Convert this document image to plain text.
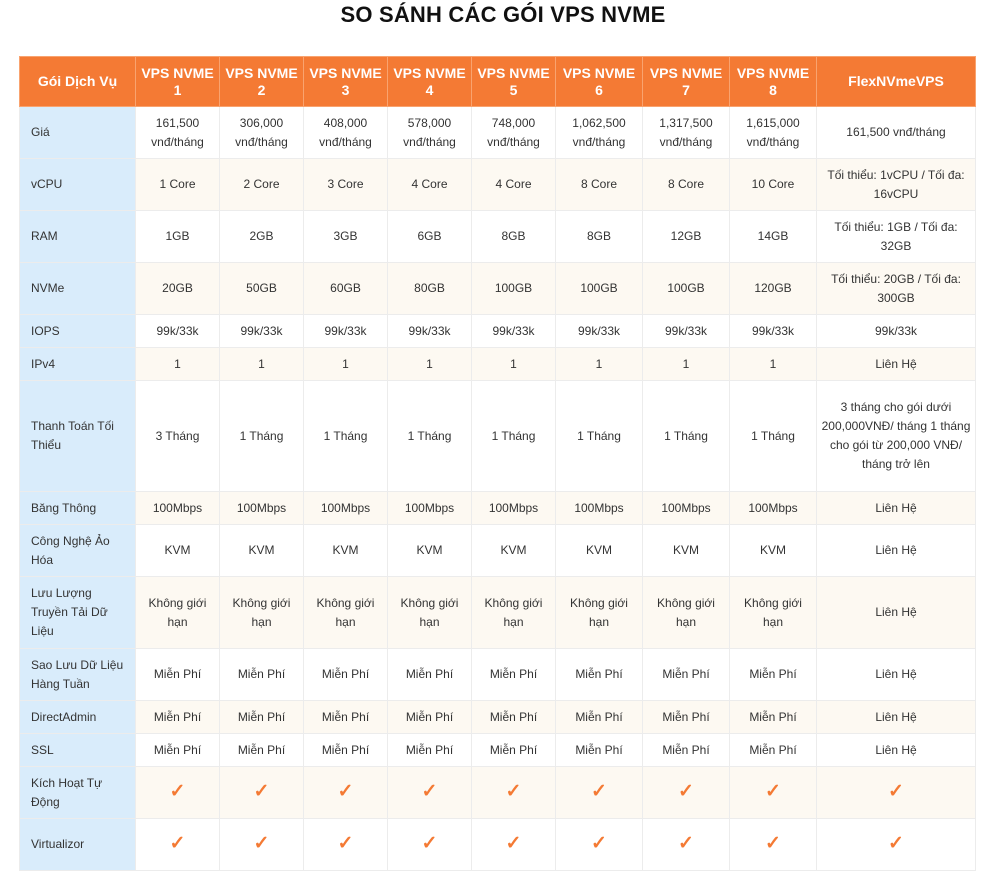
SO SÁNH CÁC GÓI VPS NVME
Gói Dịch Vụ	VPS NVME 1	VPS NVME 2	VPS NVME 3	VPS NVME 4	VPS NVME 5	VPS NVME 6	VPS NVME 7	VPS NVME 8	FlexNVmeVPS
Giá	161,500 vnđ/tháng	306,000 vnđ/tháng	408,000 vnđ/tháng	578,000 vnđ/tháng	748,000 vnđ/tháng	1,062,500 vnđ/tháng	1,317,500 vnđ/tháng	1,615,000 vnđ/tháng	161,500 vnđ/tháng
vCPU	1 Core	2 Core	3 Core	4 Core	4 Core	8 Core	8 Core	10 Core	Tối thiểu: 1vCPU / Tối đa: 16vCPU
RAM	1GB	2GB	3GB	6GB	8GB	8GB	12GB	14GB	Tối thiểu: 1GB / Tối đa: 32GB
NVMe	20GB	50GB	60GB	80GB	100GB	100GB	100GB	120GB	Tối thiểu: 20GB / Tối đa: 300GB
IOPS	99k/33k	99k/33k	99k/33k	99k/33k	99k/33k	99k/33k	99k/33k	99k/33k	99k/33k
IPv4	1	1	1	1	1	1	1	1	Liên Hệ
Thanh Toán Tối Thiểu	3 Tháng	1 Tháng	1 Tháng	1 Tháng	1 Tháng	1 Tháng	1 Tháng	1 Tháng	3 tháng cho gói dưới 200,000VNĐ/ tháng 1 tháng cho gói từ 200,000 VNĐ/ tháng trở lên
Băng Thông	100Mbps	100Mbps	100Mbps	100Mbps	100Mbps	100Mbps	100Mbps	100Mbps	Liên Hệ
Công Nghệ Ảo Hóa	KVM	KVM	KVM	KVM	KVM	KVM	KVM	KVM	Liên Hệ
Lưu Lượng Truyền Tải Dữ Liệu	Không giới hạn	Không giới hạn	Không giới hạn	Không giới hạn	Không giới hạn	Không giới hạn	Không giới hạn	Không giới hạn	Liên Hệ
Sao Lưu Dữ Liệu Hàng Tuần	Miễn Phí	Miễn Phí	Miễn Phí	Miễn Phí	Miễn Phí	Miễn Phí	Miễn Phí	Miễn Phí	Liên Hệ
DirectAdmin	Miễn Phí	Miễn Phí	Miễn Phí	Miễn Phí	Miễn Phí	Miễn Phí	Miễn Phí	Miễn Phí	Liên Hệ
SSL	Miễn Phí	Miễn Phí	Miễn Phí	Miễn Phí	Miễn Phí	Miễn Phí	Miễn Phí	Miễn Phí	Liên Hệ
Kích Hoạt Tự Động	✓	✓	✓	✓	✓	✓	✓	✓	✓
Virtualizor	✓	✓	✓	✓	✓	✓	✓	✓	✓
